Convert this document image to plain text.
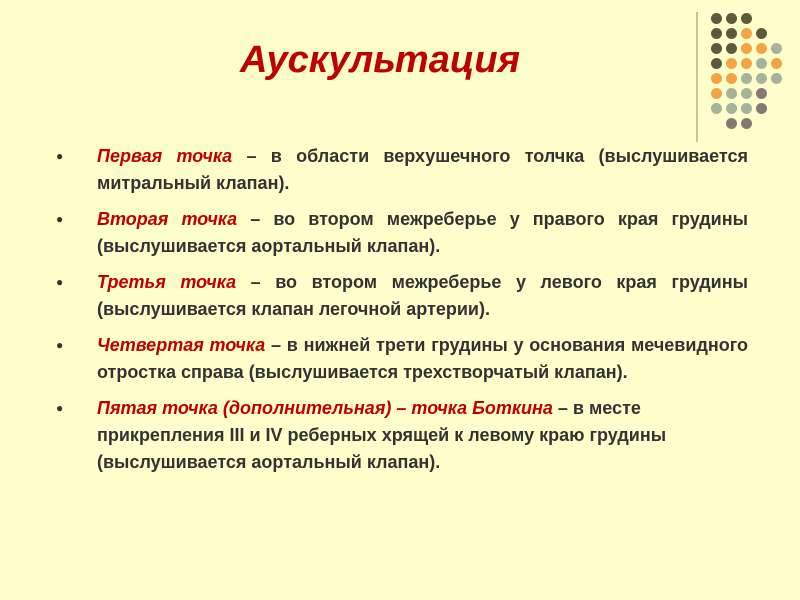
Аускультация
● Первая точка – в области верхушечного толчка (выслушивается митральный клапан).
● Вторая точка – во втором межреберье у правого края грудины (выслушивается аортальный клапан).
● Третья точка – во втором межреберье у левого края грудины (выслушивается клапан легочной артерии).
● Четвертая точка – в нижней трети грудины у основания мечевидного отростка справа (выслушивается трехстворчатый клапан).
● Пятая точка (дополнительная) – точка Боткина – в месте прикрепления III и IV реберных хрящей к левому краю грудины (выслушивается аортальный клапан).
